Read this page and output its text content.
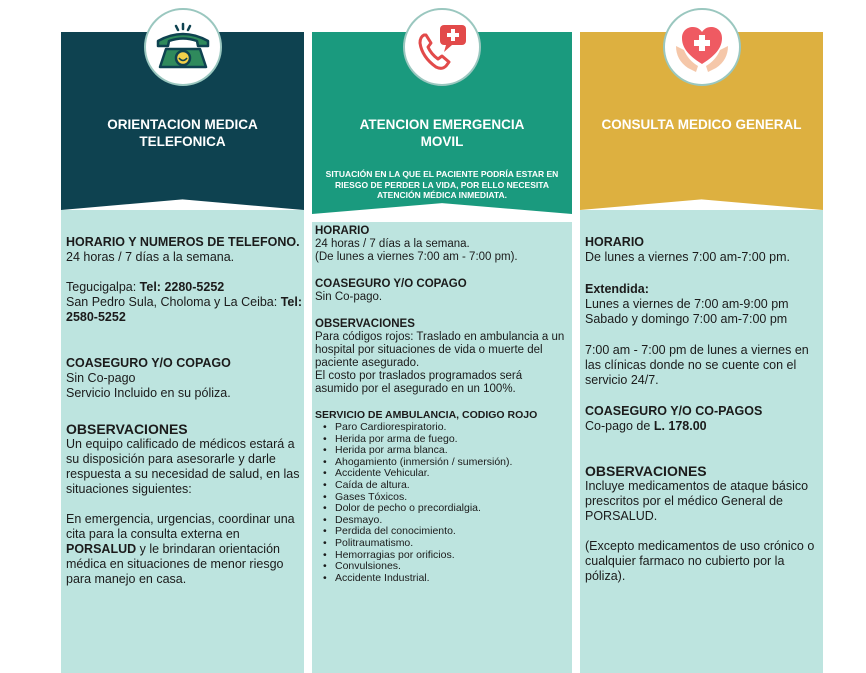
ORIENTACION MEDICA
TELEFONICA
ATENCION EMERGENCIA
MOVIL
SITUACIÓN EN LA QUE EL PACIENTE PODRÍA ESTAR EN RIESGO DE PERDER LA VIDA, POR ELLO NECESITA ATENCIÓN MÉDICA INMEDIATA.
CONSULTA MEDICO GENERAL
HORARIO Y NUMEROS DE TELEFONO.
24 horas / 7 días a la semana.
Tegucigalpa: Tel: 2280-5252
San Pedro Sula, Choloma y La Ceiba: Tel: 2580-5252
COASEGURO Y/O COPAGO
Sin Co-pago
Servicio Incluido en su póliza.
OBSERVACIONES
Un equipo calificado de médicos estará a su disposición para asesorarle y darle respuesta a su necesidad de salud, en las situaciones siguientes:
En emergencia, urgencias, coordinar una cita para la consulta externa en PORSALUD y le brindaran orientación médica en situaciones de menor riesgo para manejo en casa.
HORARIO
24 horas / 7 días a la semana.
(De lunes a viernes 7:00 am - 7:00 pm).
COASEGURO Y/O COPAGO
Sin Co-pago.
OBSERVACIONES
Para códigos rojos: Traslado en ambulancia a un hospital por situaciones de vida o muerte del paciente asegurado.
El costo por traslados programados será asumido por el asegurado en un 100%.
SERVICIO DE AMBULANCIA, CODIGO ROJO
• Paro Cardiorespiratorio.
• Herida por arma de fuego.
• Herida por arma blanca.
• Ahogamiento (inmersión / sumersión).
• Accidente Vehicular.
• Caída de altura.
• Gases Tóxicos.
• Dolor de pecho o precordialgia.
• Desmayo.
• Perdida del conocimiento.
• Politraumatismo.
• Hemorragias por orificios.
• Convulsiones.
• Accidente Industrial.
HORARIO
De lunes a viernes 7:00 am-7:00 pm.
Extendida:
Lunes a viernes de 7:00 am-9:00 pm
Sabado y domingo 7:00 am-7:00 pm
7:00 am - 7:00 pm de lunes a viernes en las clínicas donde no se cuente con el servicio 24/7.
COASEGURO Y/O CO-PAGOS
Co-pago de L. 178.00
OBSERVACIONES
Incluye medicamentos de ataque básico prescritos por el médico General de PORSALUD.
(Excepto medicamentos de uso crónico o cualquier farmaco no cubierto por la póliza).
